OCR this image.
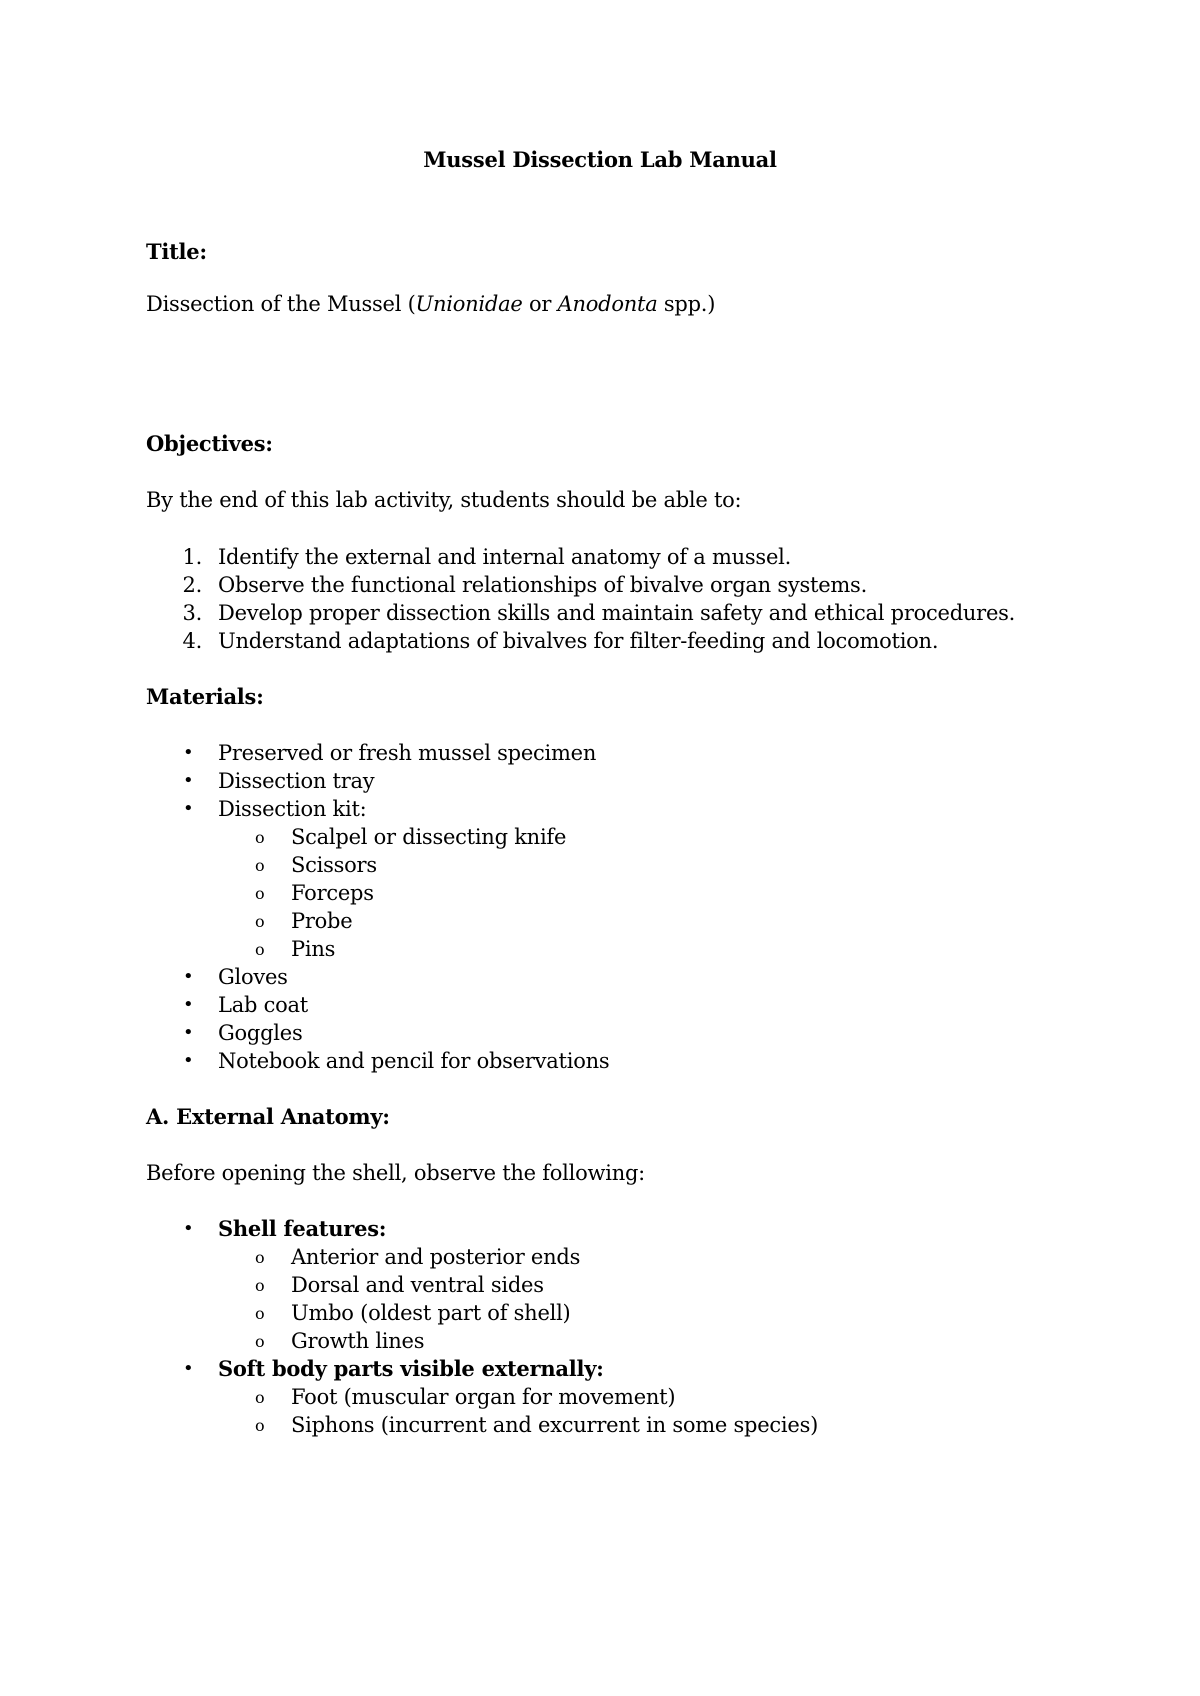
Mussel Dissection Lab Manual
Title:
Dissection of the Mussel (Unionidae or Anodonta spp.)
Objectives:
By the end of this lab activity, students should be able to:
1. Identify the external and internal anatomy of a mussel.
2. Observe the functional relationships of bivalve organ systems.
3. Develop proper dissection skills and maintain safety and ethical procedures.
4. Understand adaptations of bivalves for filter-feeding and locomotion.
Materials:
• Preserved or fresh mussel specimen
• Dissection tray
• Dissection kit:
o Scalpel or dissecting knife
o Scissors
o Forceps
o Probe
o Pins
• Gloves
• Lab coat
• Goggles
• Notebook and pencil for observations
A. External Anatomy:
Before opening the shell, observe the following:
• Shell features:
o Anterior and posterior ends
o Dorsal and ventral sides
o Umbo (oldest part of shell)
o Growth lines
• Soft body parts visible externally:
o Foot (muscular organ for movement)
o Siphons (incurrent and excurrent in some species)
